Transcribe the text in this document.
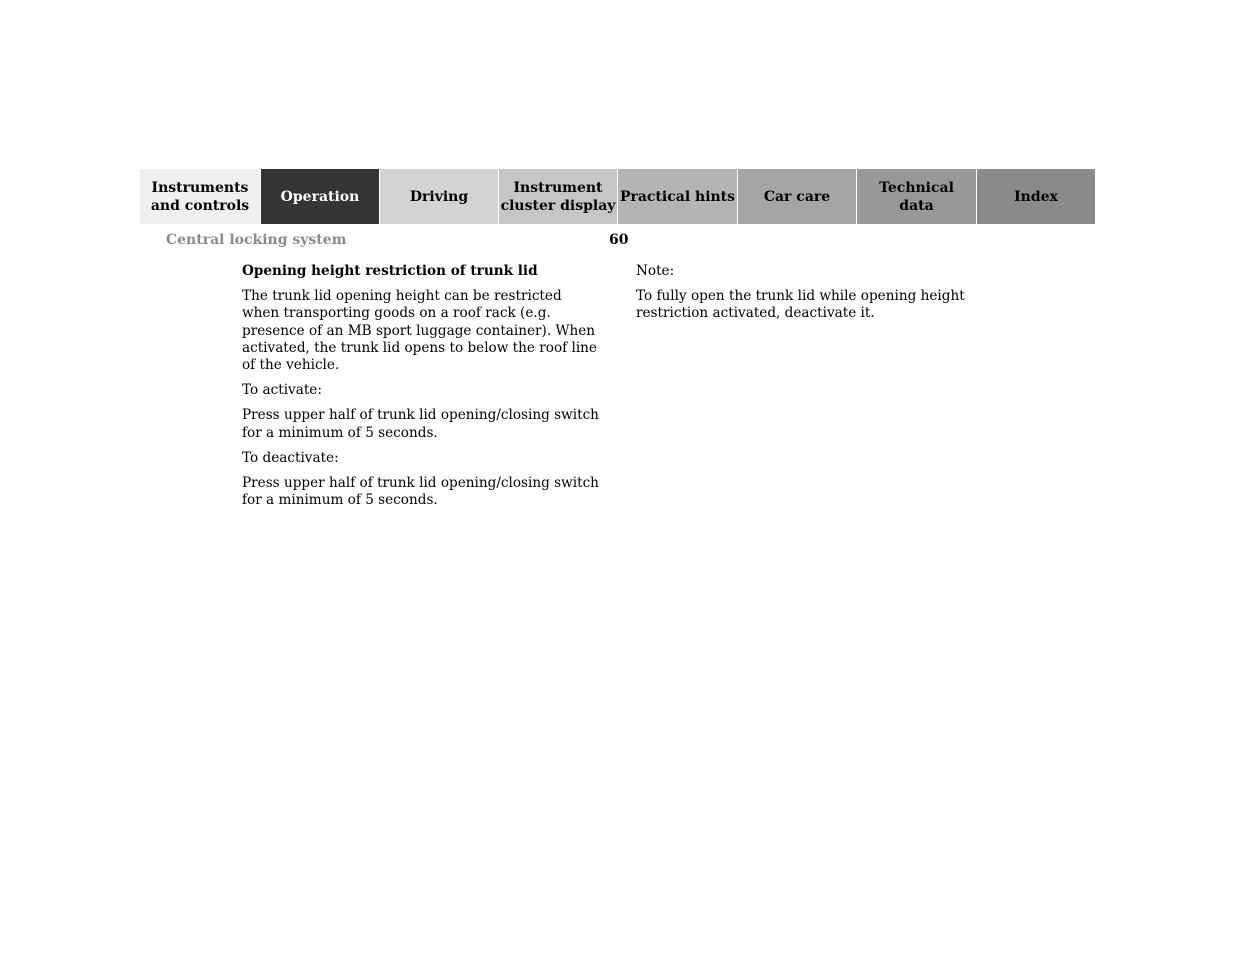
Instruments
and controls
Operation	Driving
Instrument
cluster display
Practical hints	Car care
Technical
data
Index
Central locking system	60
Opening height restriction of trunk lid

The trunk lid opening height can be restricted when transporting goods on a roof rack (e.g. presence of an MB sport luggage container). When activated, the trunk lid opens to below the roof line of the vehicle.

To activate:

Press upper half of trunk lid opening/closing switch for a minimum of 5 seconds.

To deactivate:

Press upper half of trunk lid opening/closing switch for a minimum of 5 seconds.

Note:

To fully open the trunk lid while opening height restriction activated, deactivate it.
